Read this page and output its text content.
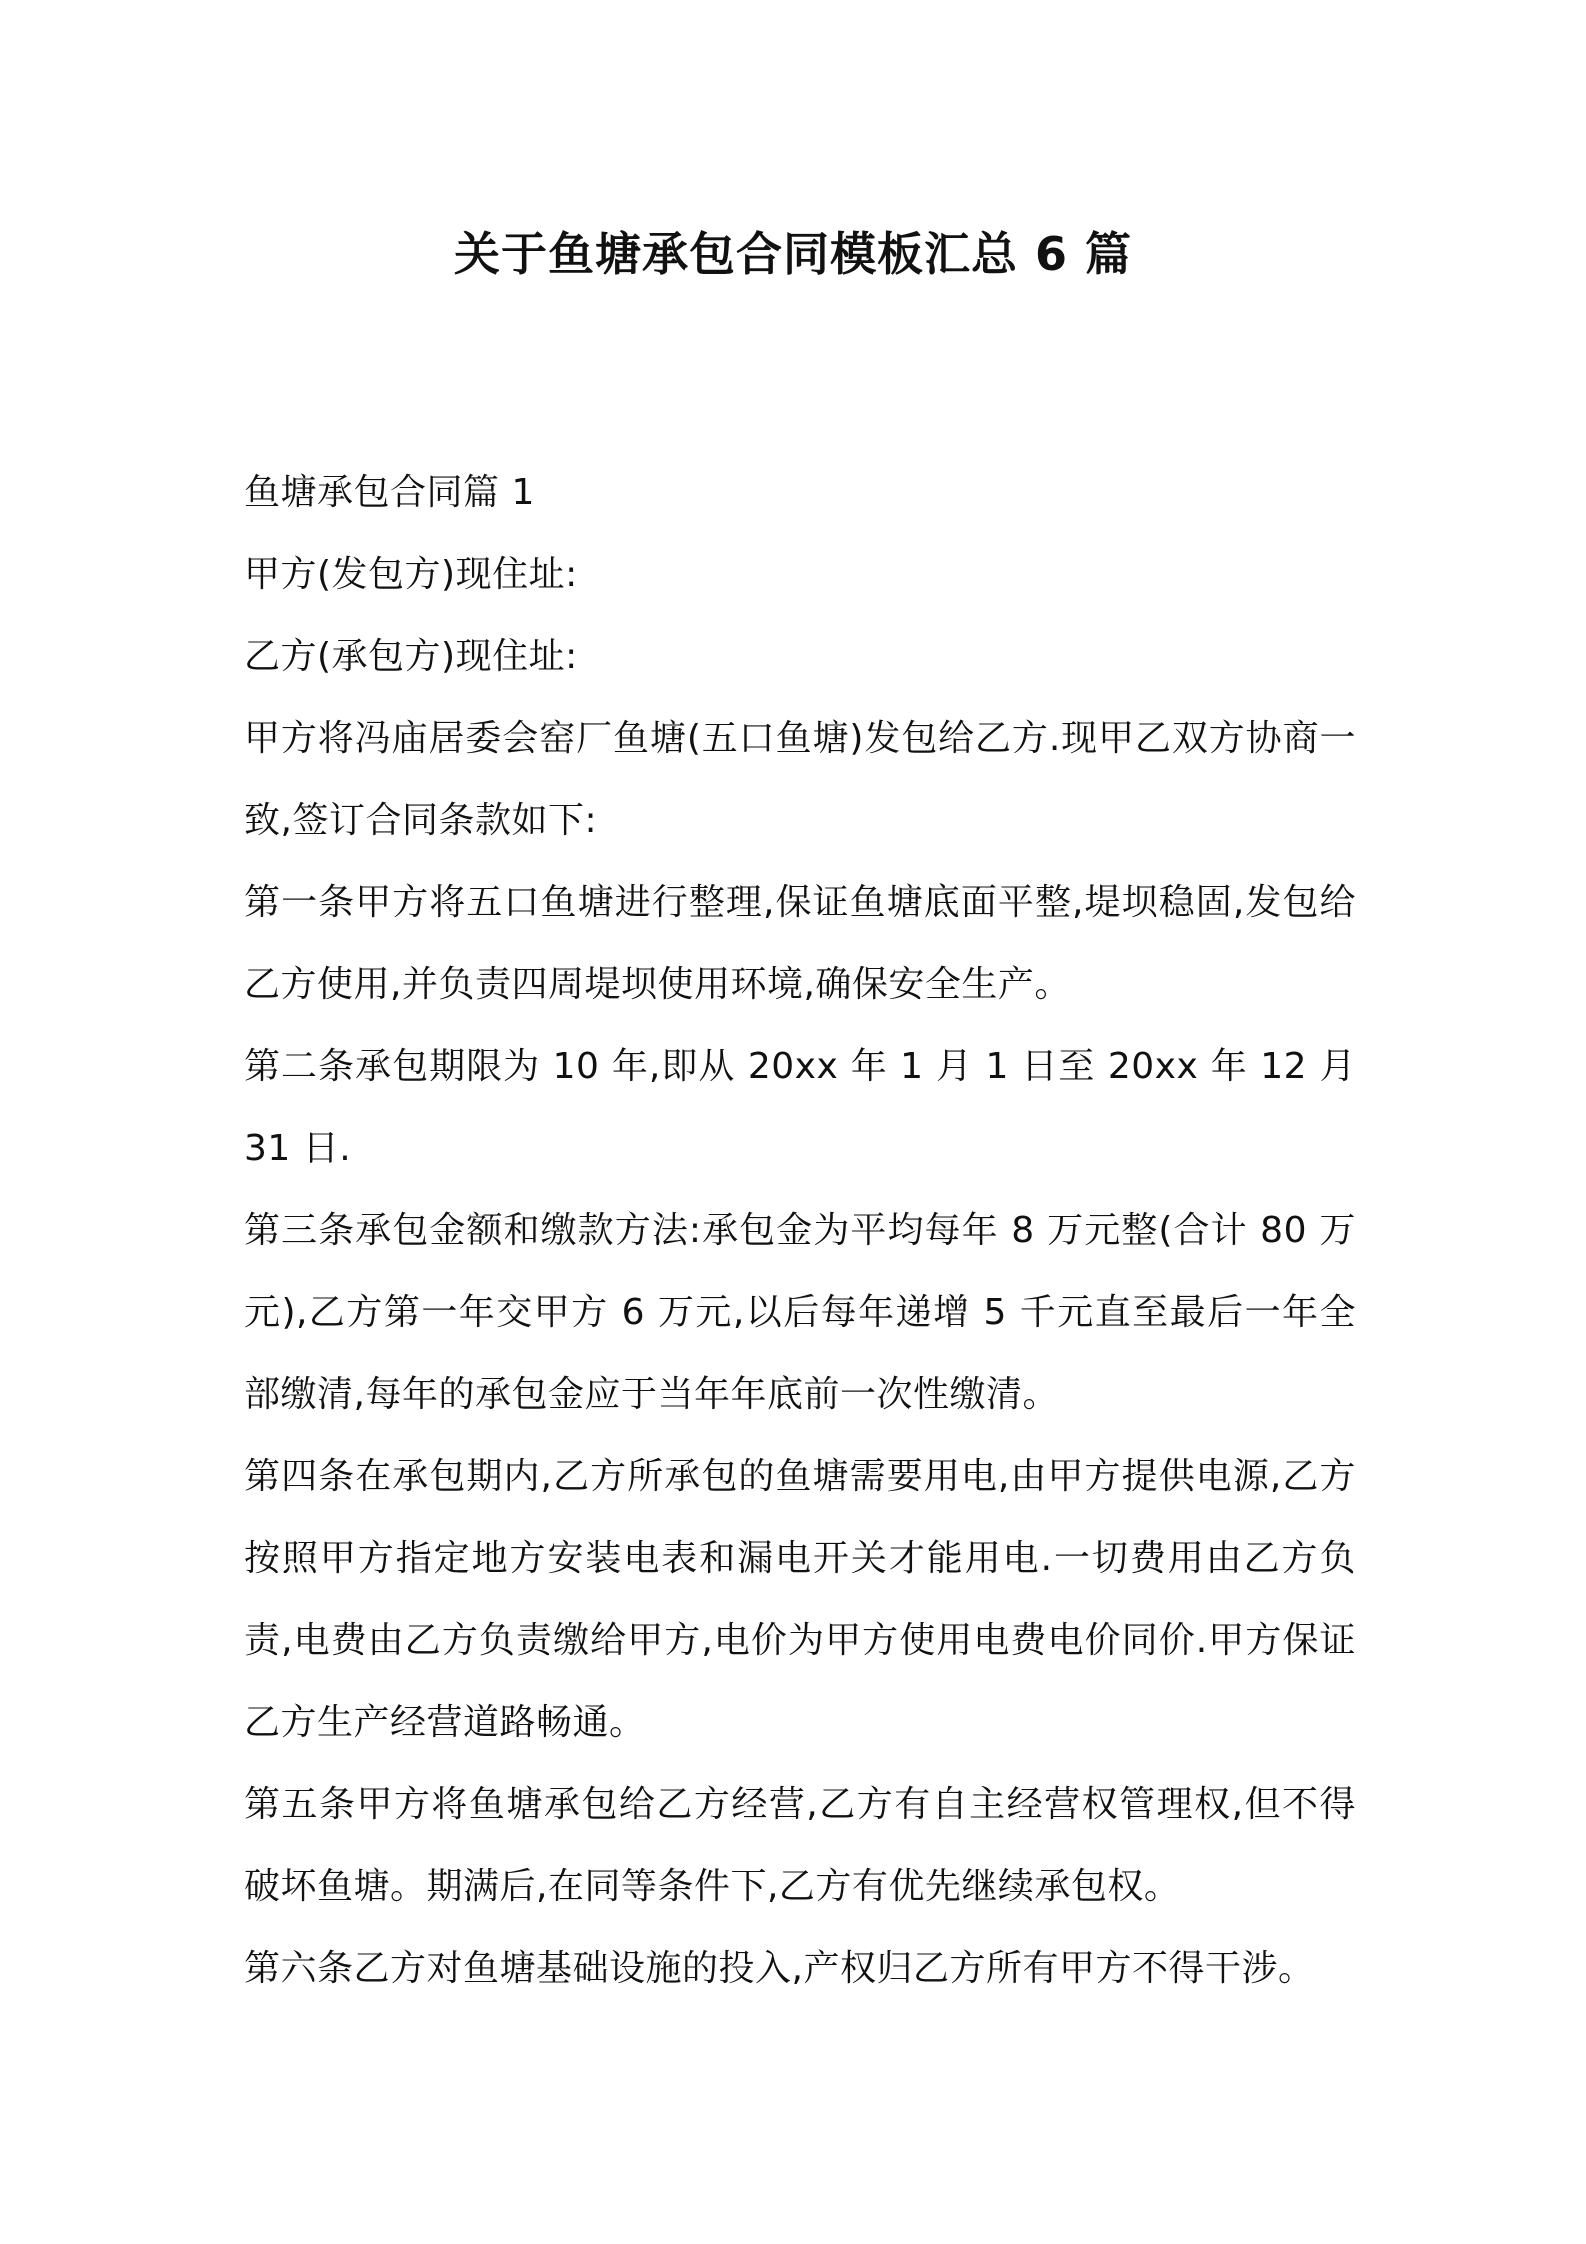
关于鱼塘承包合同模板汇总 6 篇

鱼塘承包合同篇 1

甲方(发包方)现住址:

乙方(承包方)现住址:

甲方将冯庙居委会窑厂鱼塘(五口鱼塘)发包给乙方.现甲乙双方协商一致,签订合同条款如下:

第一条甲方将五口鱼塘进行整理,保证鱼塘底面平整,堤坝稳固,发包给乙方使用,并负责四周堤坝使用环境,确保安全生产。

第二条承包期限为 10 年,即从 20xx 年 1 月 1 日至 20xx 年 12 月 31 日.

第三条承包金额和缴款方法:承包金为平均每年 8 万元整(合计 80 万元),乙方第一年交甲方 6 万元,以后每年递增 5 千元直至最后一年全部缴清,每年的承包金应于当年年底前一次性缴清。

第四条在承包期内,乙方所承包的鱼塘需要用电,由甲方提供电源,乙方按照甲方指定地方安装电表和漏电开关才能用电.一切费用由乙方负责,电费由乙方负责缴给甲方,电价为甲方使用电费电价同价.甲方保证乙方生产经营道路畅通。

第五条甲方将鱼塘承包给乙方经营,乙方有自主经营权管理权,但不得破坏鱼塘。期满后,在同等条件下,乙方有优先继续承包权。

第六条乙方对鱼塘基础设施的投入,产权归乙方所有甲方不得干涉。
